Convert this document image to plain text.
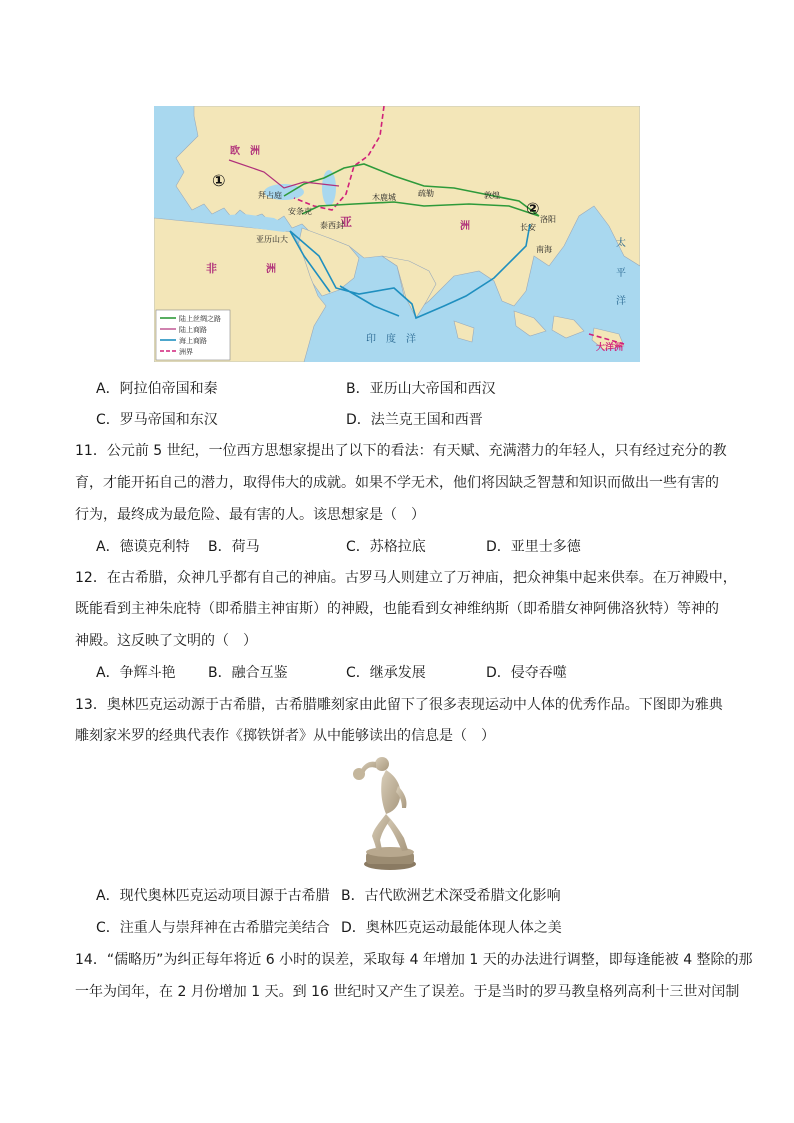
欧　洲
亚	洲
非	洲
印　度　洋
太
平
洋
大洋洲
拜占庭
安条克
泰西封
亚历山大
木鹿城	疏勒	敦煌
洛阳
长安
南海
①
②
陆上丝绸之路
陆上商路
海上商路
洲界
A．阿拉伯帝国和秦	B．亚历山大帝国和西汉
C．罗马帝国和东汉	D．法兰克王国和西晋
11．公元前 5 世纪，一位西方思想家提出了以下的看法：有天赋、充满潜力的年轻人，只有经过充分的教
育，才能开拓自己的潜力，取得伟大的成就。如果不学无术，他们将因缺乏智慧和知识而做出一些有害的
行为，最终成为最危险、最有害的人。该思想家是（　）
A．德谟克利特 B．荷马	C．苏格拉底	D．亚里士多德
12．在古希腊，众神几乎都有自己的神庙。古罗马人则建立了万神庙，把众神集中起来供奉。在万神殿中，
既能看到主神朱庇特（即希腊主神宙斯）的神殿，也能看到女神维纳斯（即希腊女神阿佛洛狄特）等神的
神殿。这反映了文明的（　）
A．争辉斗艳 B．融合互鉴	C．继承发展	D．侵夺吞噬
13．奥林匹克运动源于古希腊，古希腊雕刻家由此留下了很多表现运动中人体的优秀作品。下图即为雅典
雕刻家米罗的经典代表作《掷铁饼者》从中能够读出的信息是（　）
A．现代奥林匹克运动项目源于古希腊 B．古代欧洲艺术深受希腊文化影响
C．注重人与崇拜神在古希腊完美结合 D．奥林匹克运动最能体现人体之美
14．“儒略历”为纠正每年将近 6 小时的误差，采取每 4 年增加 1 天的办法进行调整，即每逢能被 4 整除的那
一年为闰年，在 2 月份增加 1 天。到 16 世纪时又产生了误差。于是当时的罗马教皇格列高利十三世对闰制
